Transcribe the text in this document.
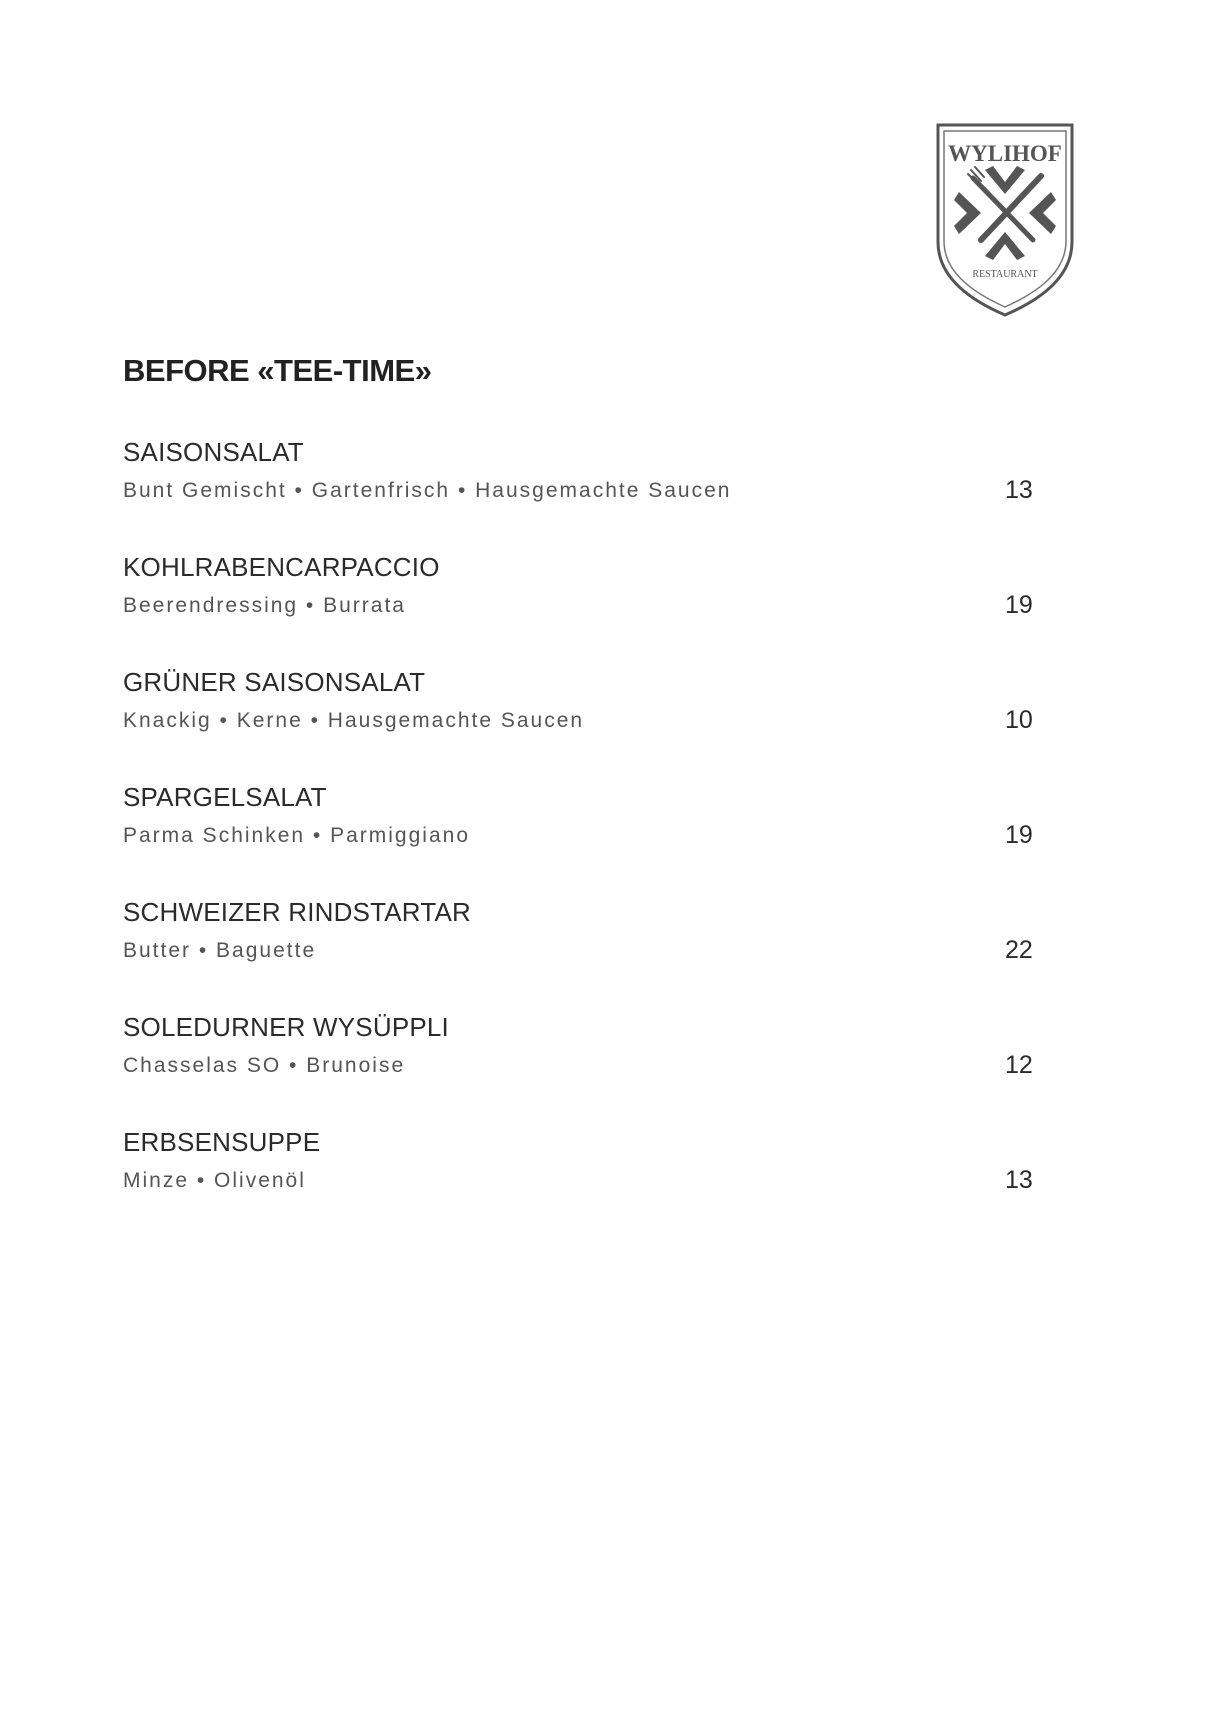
WYLIHOF
RESTAURANT
BEFORE «TEE-TIME»
SAISONSALAT
Bunt Gemischt • Gartenfrisch • Hausgemachte Saucen	13
KOHLRABENCARPACCIO
Beerendressing • Burrata	19
GRÜNER SAISONSALAT
Knackig • Kerne • Hausgemachte Saucen	10
SPARGELSALAT
Parma Schinken • Parmiggiano	19
SCHWEIZER RINDSTARTAR
Butter • Baguette	22
SOLEDURNER WYSÜPPLI
Chasselas SO • Brunoise	12
ERBSENSUPPE
Minze • Olivenöl	13
